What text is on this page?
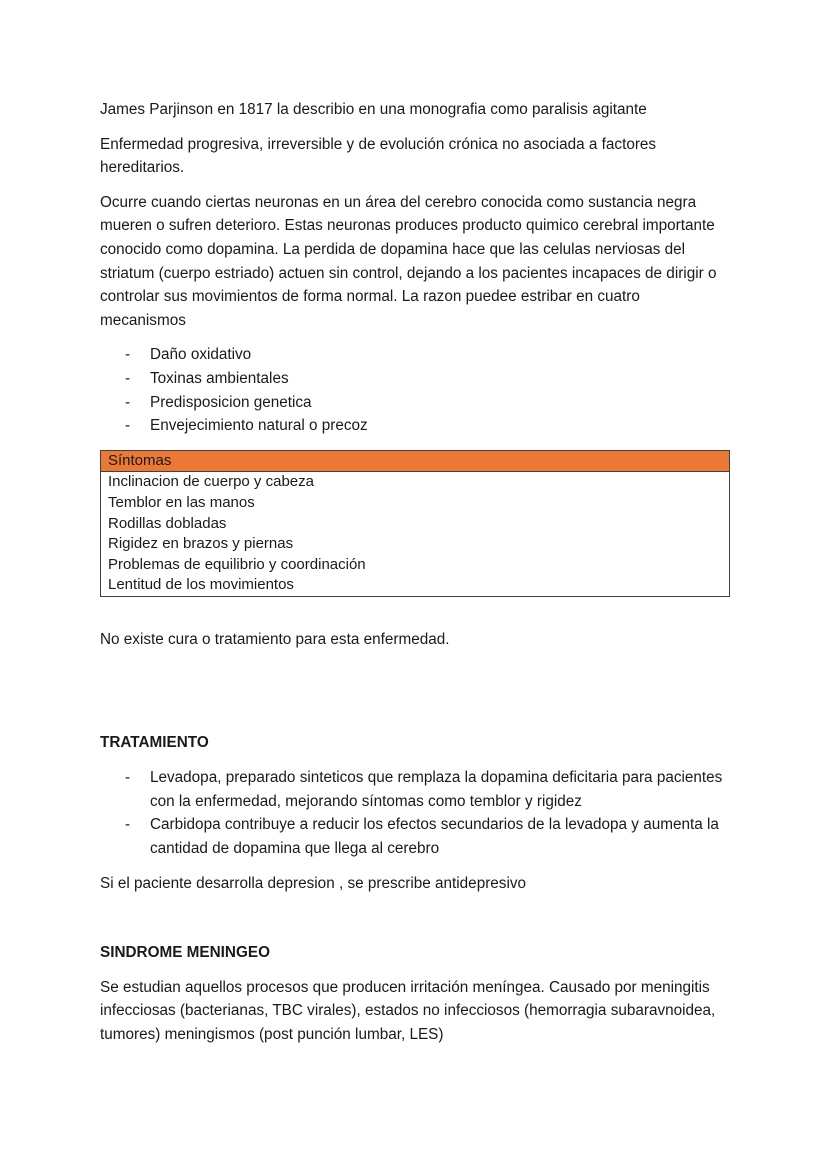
James Parjinson en 1817 la describio en una monografia como paralisis agitante

Enfermedad progresiva, irreversible y de evolución crónica no asociada a factores hereditarios.

Ocurre cuando ciertas neuronas en un área del cerebro conocida como sustancia negra mueren o sufren deterioro. Estas neuronas produces producto quimico cerebral importante conocido como dopamina. La perdida de dopamina hace que las celulas nerviosas del striatum (cuerpo estriado) actuen sin control, dejando a los pacientes incapaces de dirigir o controlar sus movimientos de forma normal. La razon puedee estribar en cuatro mecanismos

- Daño oxidativo
- Toxinas ambientales
- Predisposicion genetica
- Envejecimiento natural o precoz
Síntomas
Inclinacion de cuerpo y cabeza
Temblor en las manos
Rodillas dobladas
Rigidez en brazos y piernas
Problemas de equilibrio y coordinación
Lentitud de los movimientos

No existe cura o tratamiento para esta enfermedad.

TRATAMIENTO
- Levadopa, preparado sinteticos que remplaza la dopamina deficitaria para pacientes con la enfermedad, mejorando síntomas como temblor y rigidez
- Carbidopa contribuye a reducir los efectos secundarios de la levadopa y aumenta la cantidad de dopamina que llega al cerebro

Si el paciente desarrolla depresion , se prescribe antidepresivo

SINDROME MENINGEO

Se estudian aquellos procesos que producen irritación meníngea. Causado por meningitis infecciosas (bacterianas, TBC virales), estados no infecciosos (hemorragia subaravnoidea, tumores) meningismos (post punción lumbar, LES)
